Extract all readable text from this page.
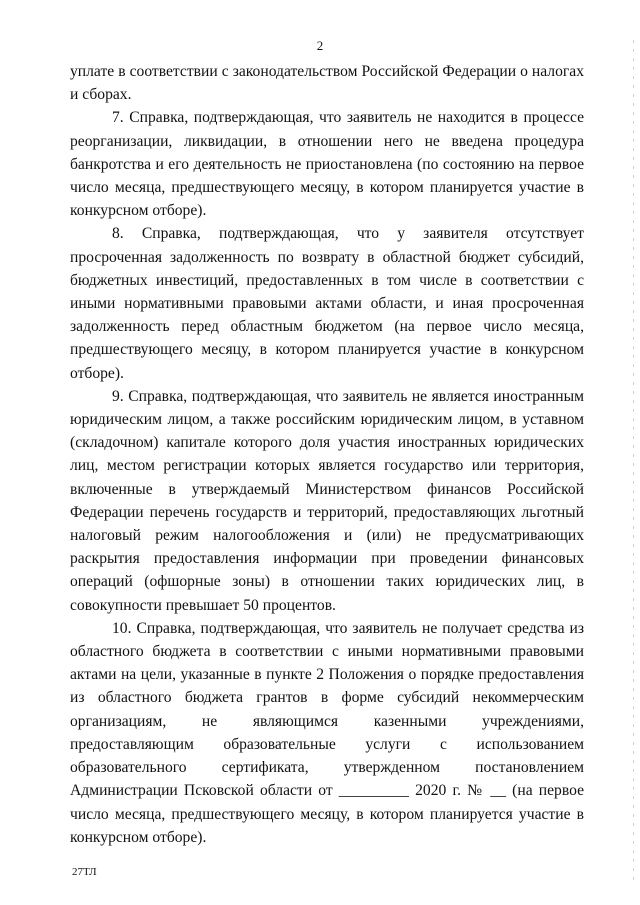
2

уплате в соответствии с законодательством Российской Федерации о налогах и сборах.

7. Справка, подтверждающая, что заявитель не находится в процессе реорганизации, ликвидации, в отношении него не введена процедура банкротства и его деятельность не приостановлена (по состоянию на первое число месяца, предшествующего месяцу, в котором планируется участие в конкурсном отборе).

8. Справка, подтверждающая, что у заявителя отсутствует просроченная задолженность по возврату в областной бюджет субсидий, бюджетных инвестиций, предоставленных в том числе в соответствии с иными нормативными правовыми актами области, и иная просроченная задолженность перед областным бюджетом (на первое число месяца, предшествующего месяцу, в котором планируется участие в конкурсном отборе).

9. Справка, подтверждающая, что заявитель не является иностранным юридическим лицом, а также российским юридическим лицом, в уставном (складочном) капитале которого доля участия иностранных юридических лиц, местом регистрации которых является государство или территория, включенные в утверждаемый Министерством финансов Российской Федерации перечень государств и территорий, предоставляющих льготный налоговый режим налогообложения и (или) не предусматривающих раскрытия предоставления информации при проведении финансовых операций (офшорные зоны) в отношении таких юридических лиц, в совокупности превышает 50 процентов.

10. Справка, подтверждающая, что заявитель не получает средства из областного бюджета в соответствии с иными нормативными правовыми актами на цели, указанные в пункте 2 Положения о порядке предоставления из областного бюджета грантов в форме субсидий некоммерческим организациям, не являющимся казенными учреждениями, предоставляющим образовательные услуги с использованием образовательного сертификата, утвержденном постановлением Администрации Псковской области от _________ 2020 г. № __ (на первое число месяца, предшествующего месяцу, в котором планируется участие в конкурсном отборе).

27ТЛ
